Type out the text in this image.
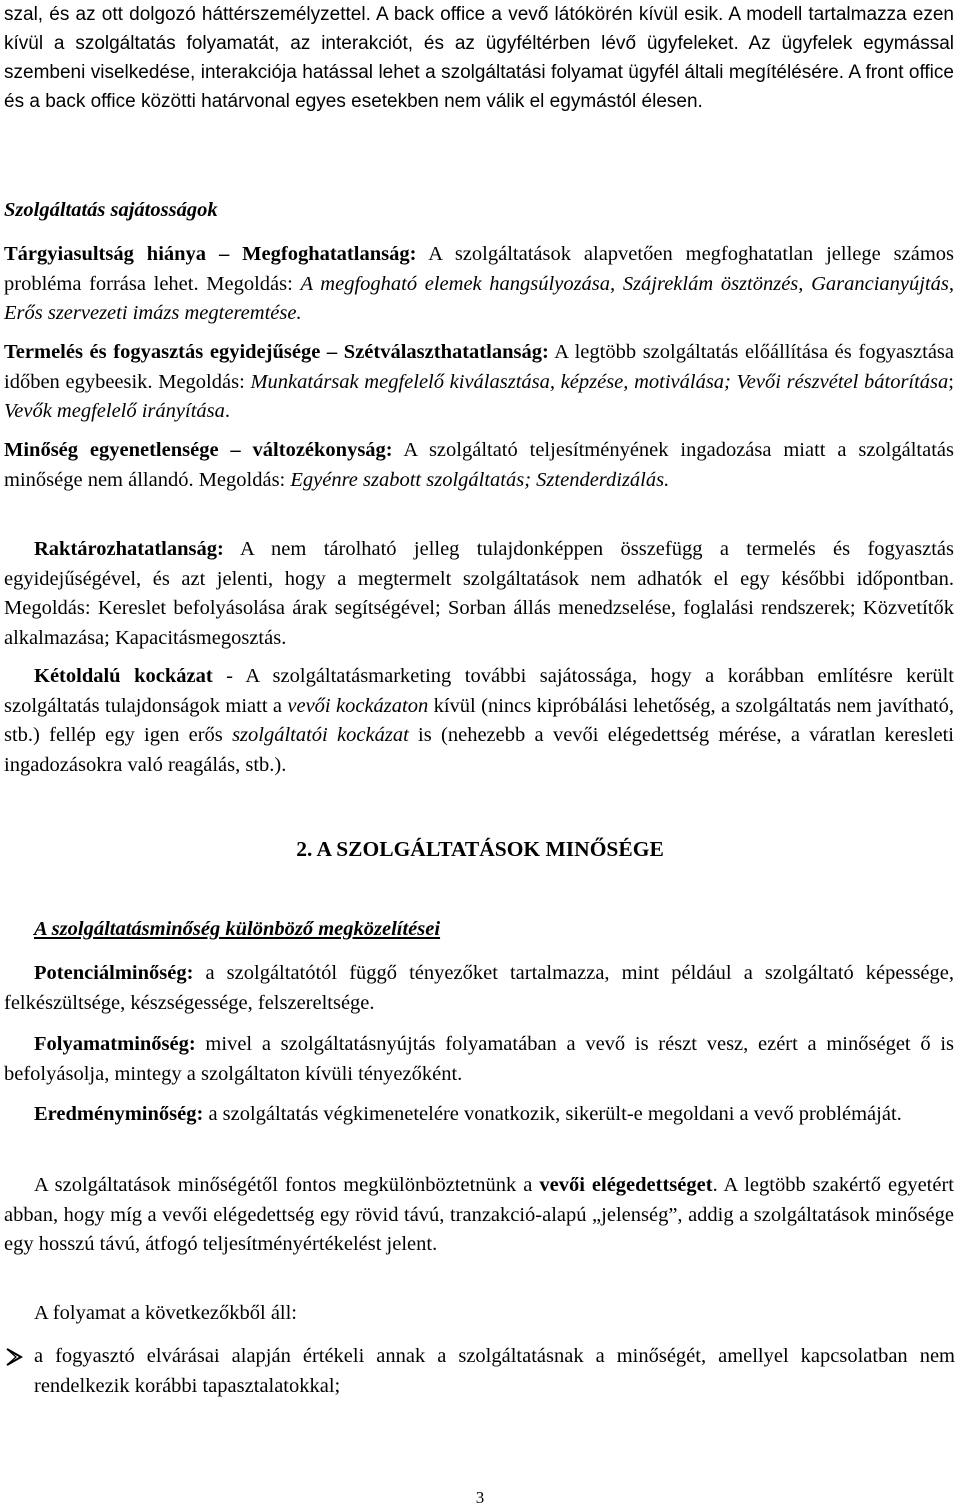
szal, és az ott dolgozó háttérszemélyzettel. A back office a vevő látókörén kívül esik. A modell tartalmazza ezen kívül a szolgáltatás folyamatát, az interakciót, és az ügyféltérben lévő ügyfeleket. Az ügyfelek egymással szembeni viselkedése, interakciója hatással lehet a szolgáltatási folyamat ügyfél általi megítélésére. A front office és a back office közötti határvonal egyes esetekben nem válik el egymástól élesen.

Szolgáltatás sajátosságok

Tárgyiasultság hiánya – Megfoghatatlanság: A szolgáltatások alapvetően megfoghatatlan jellege számos probléma forrása lehet. Megoldás: A megfogható elemek hangsúlyozása, Szájreklám ösztönzés, Garancianyújtás, Erős szervezeti imázs megteremtése.

Termelés és fogyasztás egyidejűsége – Szétválaszthatatlanság: A legtöbb szolgáltatás előállítása és fogyasztása időben egybeesik. Megoldás: Munkatársak megfelelő kiválasztása, képzése, motiválása; Vevői részvétel bátorítása; Vevők megfelelő irányítása.

Minőség egyenetlensége – változékonyság: A szolgáltató teljesítményének ingadozása miatt a szolgáltatás minősége nem állandó. Megoldás: Egyénre szabott szolgáltatás; Sztenderdizálás.

Raktározhatatlanság: A nem tárolható jelleg tulajdonképpen összefügg a termelés és fogyasztás egyidejűségével, és azt jelenti, hogy a megtermelt szolgáltatások nem adhatók el egy későbbi időpontban. Megoldás: Kereslet befolyásolása árak segítségével; Sorban állás menedzselése, foglalási rendszerek; Közvetítők alkalmazása; Kapacitásmegosztás.

Kétoldalú kockázat - A szolgáltatásmarketing további sajátossága, hogy a korábban említésre került szolgáltatás tulajdonságok miatt a vevői kockázaton kívül (nincs kipróbálási lehetőség, a szolgáltatás nem javítható, stb.) fellép egy igen erős szolgáltatói kockázat is (nehezebb a vevői elégedettség mérése, a váratlan keresleti ingadozásokra való reagálás, stb.).

2. A SZOLGÁLTATÁSOK MINŐSÉGE

A szolgáltatásminőség különböző megközelítései

Potenciálminőség: a szolgáltatótól függő tényezőket tartalmazza, mint például a szolgáltató képessége, felkészültsége, készségessége, felszereltsége.

Folyamatminőség: mivel a szolgáltatásnyújtás folyamatában a vevő is részt vesz, ezért a minőséget ő is befolyásolja, mintegy a szolgáltaton kívüli tényezőként.

Eredményminőség: a szolgáltatás végkimenetelére vonatkozik, sikerült-e megoldani a vevő problémáját.

A szolgáltatások minőségétől fontos megkülönböztetnünk a vevői elégedettséget. A legtöbb szakértő egyetért abban, hogy míg a vevői elégedettség egy rövid távú, tranzakció-alapú „jelenség”, addig a szolgáltatások minősége egy hosszú távú, átfogó teljesítményértékelést jelent.

A folyamat a következőkből áll:

a fogyasztó elvárásai alapján értékeli annak a szolgáltatásnak a minőségét, amellyel kapcsolatban nem rendelkezik korábbi tapasztalatokkal;

3
